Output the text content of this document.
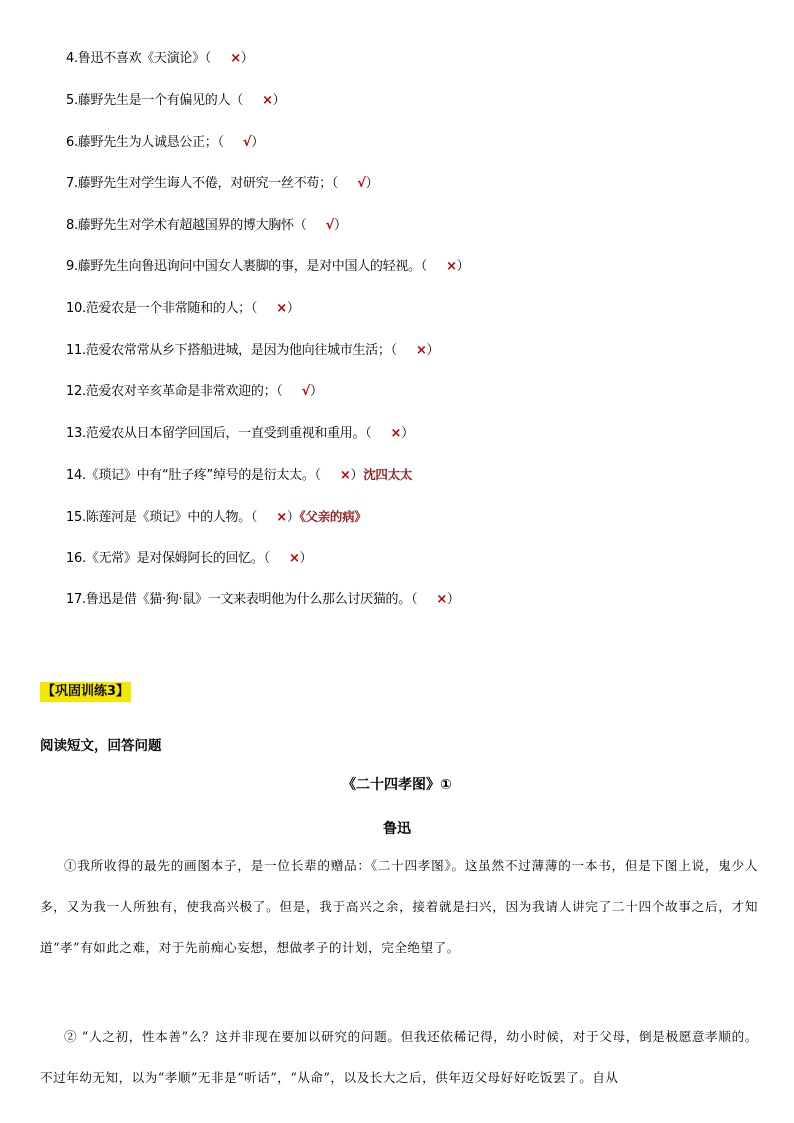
4.鲁迅不喜欢《天演论》（ ×）
5.藤野先生是一个有偏见的人（ ×）
6.藤野先生为人诚恳公正；（ √）
7.藤野先生对学生诲人不倦，对研究一丝不苟；（ √）
8.藤野先生对学术有超越国界的博大胸怀（ √）
9.藤野先生向鲁迅询问中国女人裹脚的事，是对中国人的轻视。（ ×）
10.范爱农是一个非常随和的人；（ ×）
11.范爱农常常从乡下搭船进城，是因为他向往城市生活；（ ×）
12.范爱农对辛亥革命是非常欢迎的；（ √）
13.范爱农从日本留学回国后，一直受到重视和重用。（ ×）
14.《琐记》中有“肚子疼”绰号的是衍太太。（ ×）沈四太太
15.陈莲河是《琐记》中的人物。（ ×）《父亲的病》
16.《无常》是对保姆阿长的回忆。（ ×）
17.鲁迅是借《猫·狗·鼠》一文来表明他为什么那么讨厌猫的。（ ×）
【巩固训练3】
阅读短文，回答问题
《二十四孝图》①
鲁迅
①我所收得的最先的画图本子，是一位长辈的赠品：《二十四孝图》。这虽然不过薄薄的一本书，但是下图上说，鬼少人多，又为我一人所独有，使我高兴极了。但是，我于高兴之余，接着就是扫兴，因为我请人讲完了二十四个故事之后，才知道“孝”有如此之难，对于先前痴心妄想，想做孝子的计划，完全绝望了。
② “人之初，性本善”么？这并非现在要加以研究的问题。但我还依稀记得，幼小时候，对于父母，倒是极愿意孝顺的。不过年幼无知，以为“孝顺”无非是“听话”，“从命”，以及长大之后，供年迈父母好好吃饭罢了。自从
